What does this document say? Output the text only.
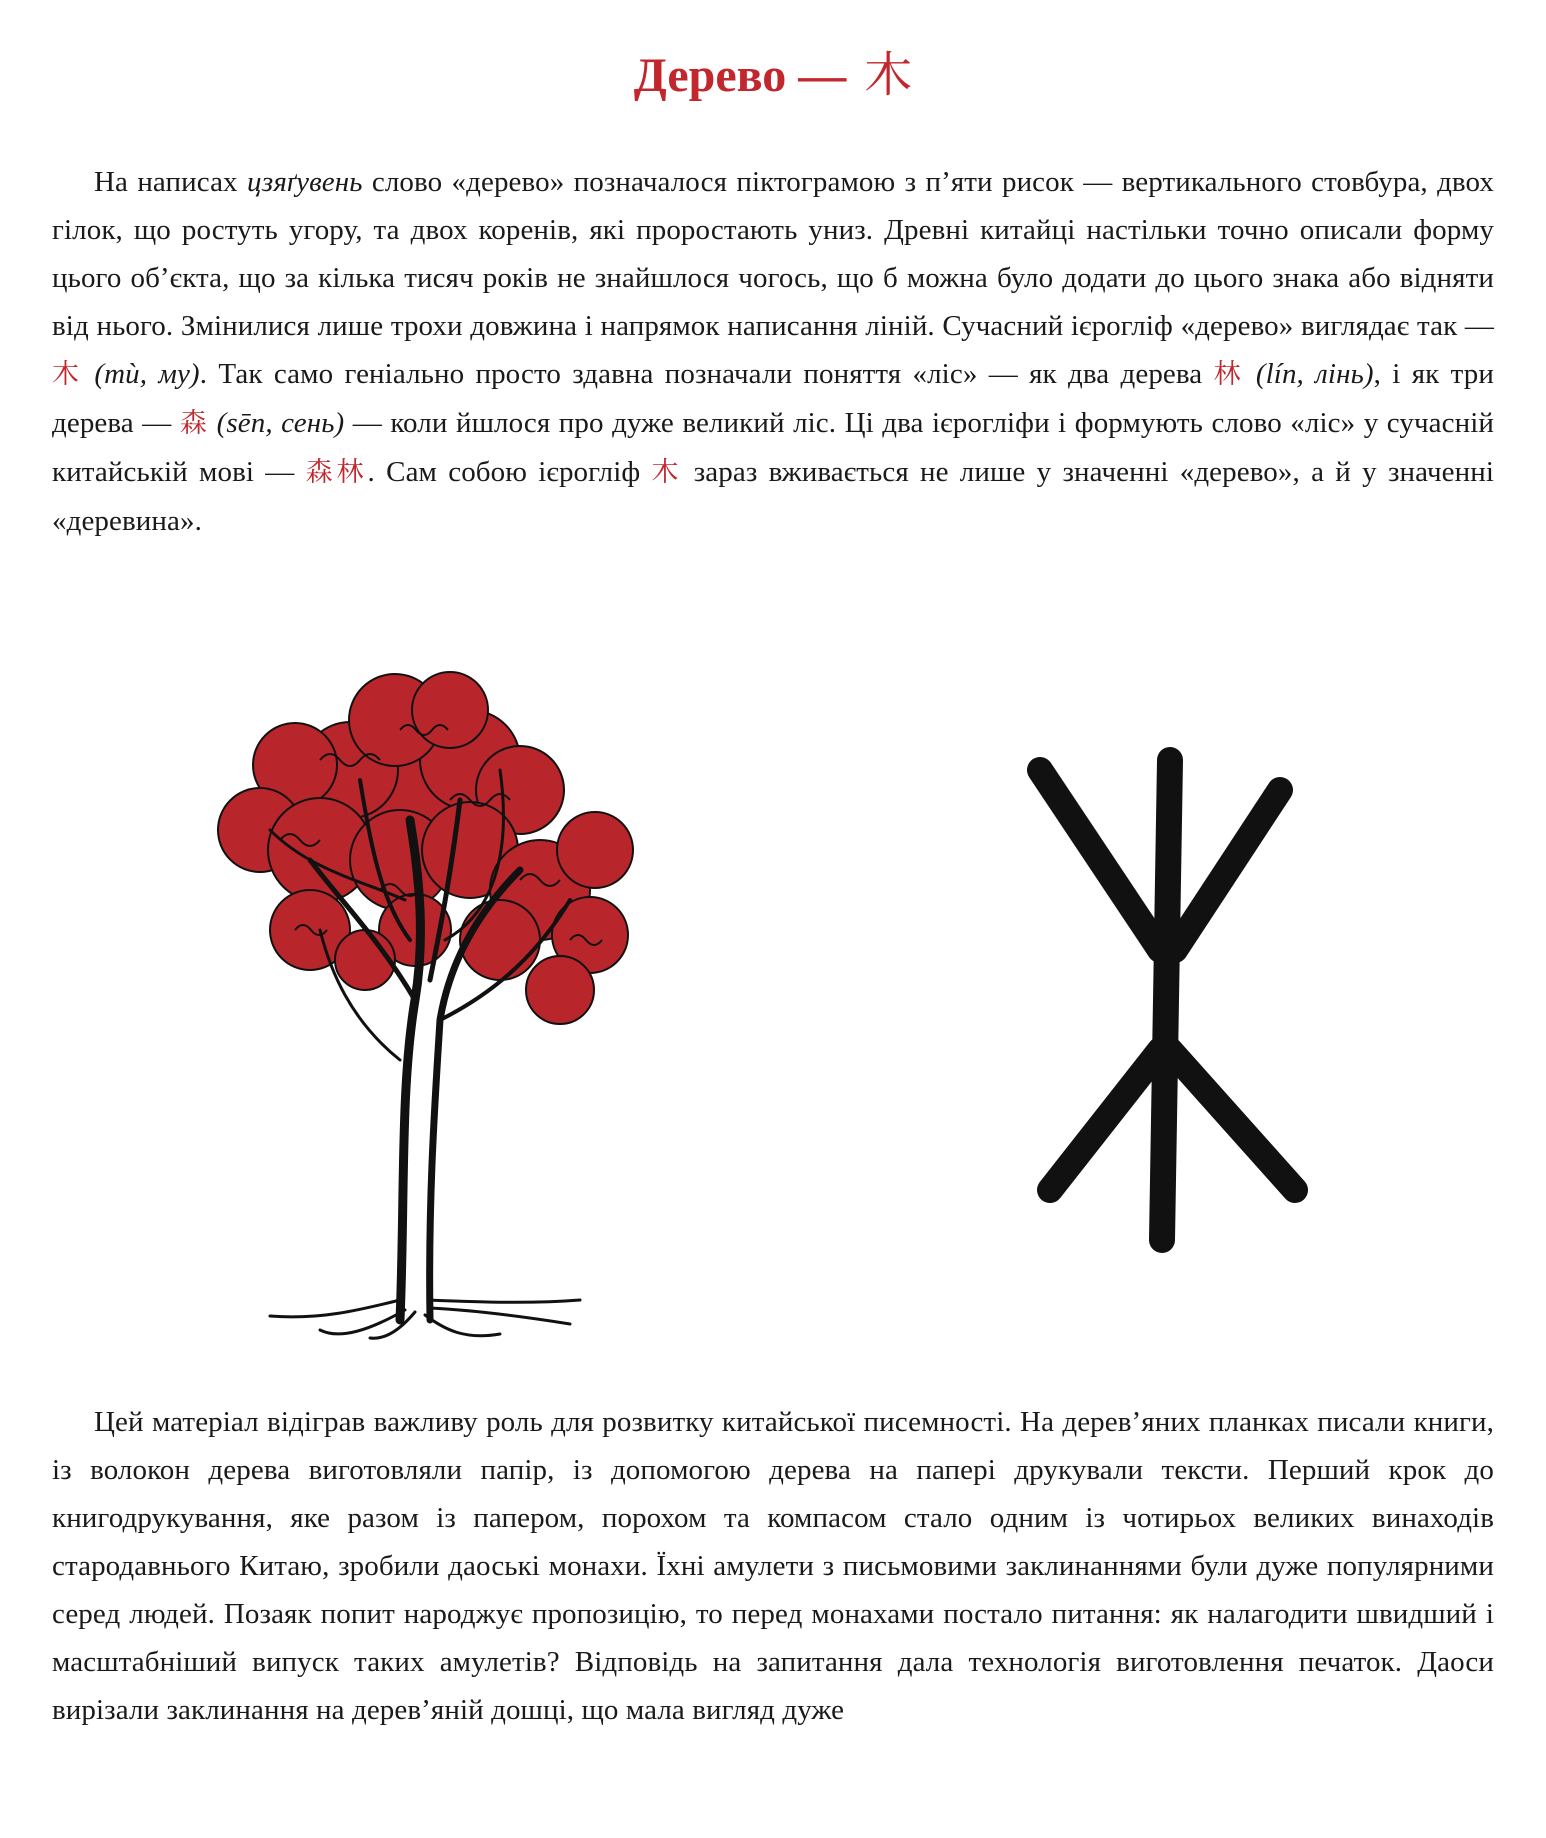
Дерево — 木

На написах цзяґувень слово «дерево» позначалося піктограмою з п’яти рисок — вертикального стовбура, двох гілок, що ростуть угору, та двох коренів, які проростають униз. Древні китайці настільки точно описали форму цього об’єкта, що за кілька тисяч років не знайшлося чогось, що б можна було додати до цього знака або відняти від нього. Змінилися лише трохи довжина і напрямок написання ліній. Сучасний ієрогліф «дерево» виглядає так — 木 (mù, му). Так само геніально просто здавна позначали поняття «ліс» — як два дерева 林 (lín, лінь), і як три дерева — 森 (sēn, сень) — коли йшлося про дуже великий ліс. Ці два ієрогліфи і формують слово «ліс» у сучасній китайській мові — 森林. Сам собою ієрогліф 木 зараз вживається не лише у значенні «дерево», а й у значенні «деревина».

Цей матеріал відіграв важливу роль для розвитку китайської писемності. На дерев’яних планках писали книги, із волокон дерева виготовляли папір, із допомогою дерева на папері друкували тексти. Перший крок до книгодрукування, яке разом із папером, порохом та компасом стало одним із чотирьох великих винаходів стародавнього Китаю, зробили даоські монахи. Їхні амулети з письмовими заклинаннями були дуже популярними серед людей. Позаяк попит народжує пропозицію, то перед монахами постало питання: як налагодити швидший і масштабніший випуск таких амулетів? Відповідь на запитання дала технологія виготовлення печаток. Даоси вирізали заклинання на дерев’яній дошці, що мала вигляд дуже
